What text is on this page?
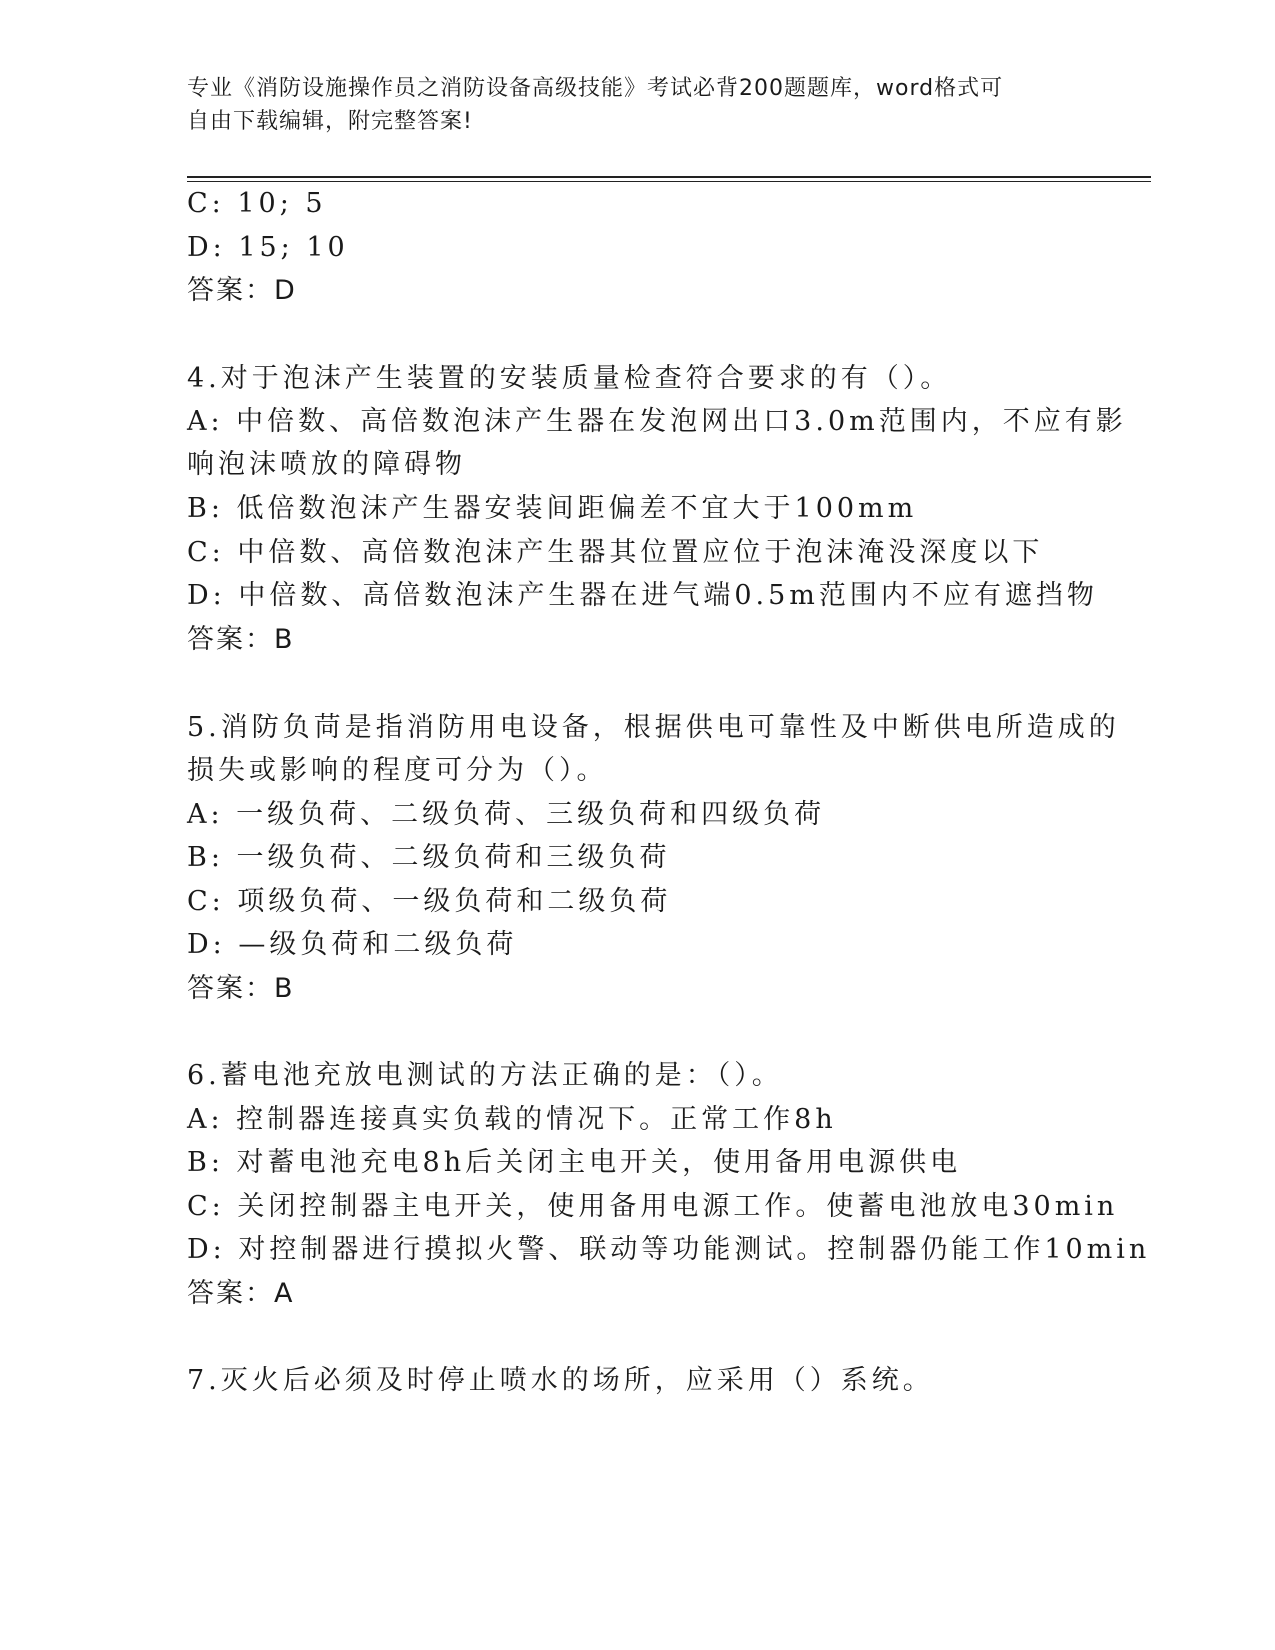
专业《消防设施操作员之消防设备高级技能》考试必背200题题库，word格式可
自由下载编辑，附完整答案!
C: 10; 5
D: 15; 10
答案：D
4.对于泡沫产生装置的安装质量检查符合要求的有（）。
A: 中倍数、高倍数泡沫产生器在发泡网出口3.0m范围内，不应有影
响泡沫喷放的障碍物
B: 低倍数泡沫产生器安装间距偏差不宜大于100mm
C: 中倍数、高倍数泡沫产生器其位置应位于泡沫淹没深度以下
D: 中倍数、高倍数泡沫产生器在进气端0.5m范围内不应有遮挡物
答案：B
5.消防负苘是指消防用电设备，根据供电可靠性及中断供电所造成的
损失或影响的程度可分为（）。
A: 一级负荷、二级负荷、三级负荷和四级负荷
B: 一级负荷、二级负荷和三级负荷
C: 项级负荷、一级负荷和二级负荷
D: —级负荷和二级负荷
答案：B
6.蓄电池充放电测试的方法正确的是：（）。
A: 控制器连接真实负载的情况下。正常工作8h
B: 对蓄电池充电8h后关闭主电开关，使用备用电源供电
C: 关闭控制器主电开关，使用备用电源工作。使蓄电池放电30min
D: 对控制器进行摸拟火警、联动等功能测试。控制器仍能工作10min
答案：A
7.灭火后必须及时停止喷水的场所，应采用（）系统。
